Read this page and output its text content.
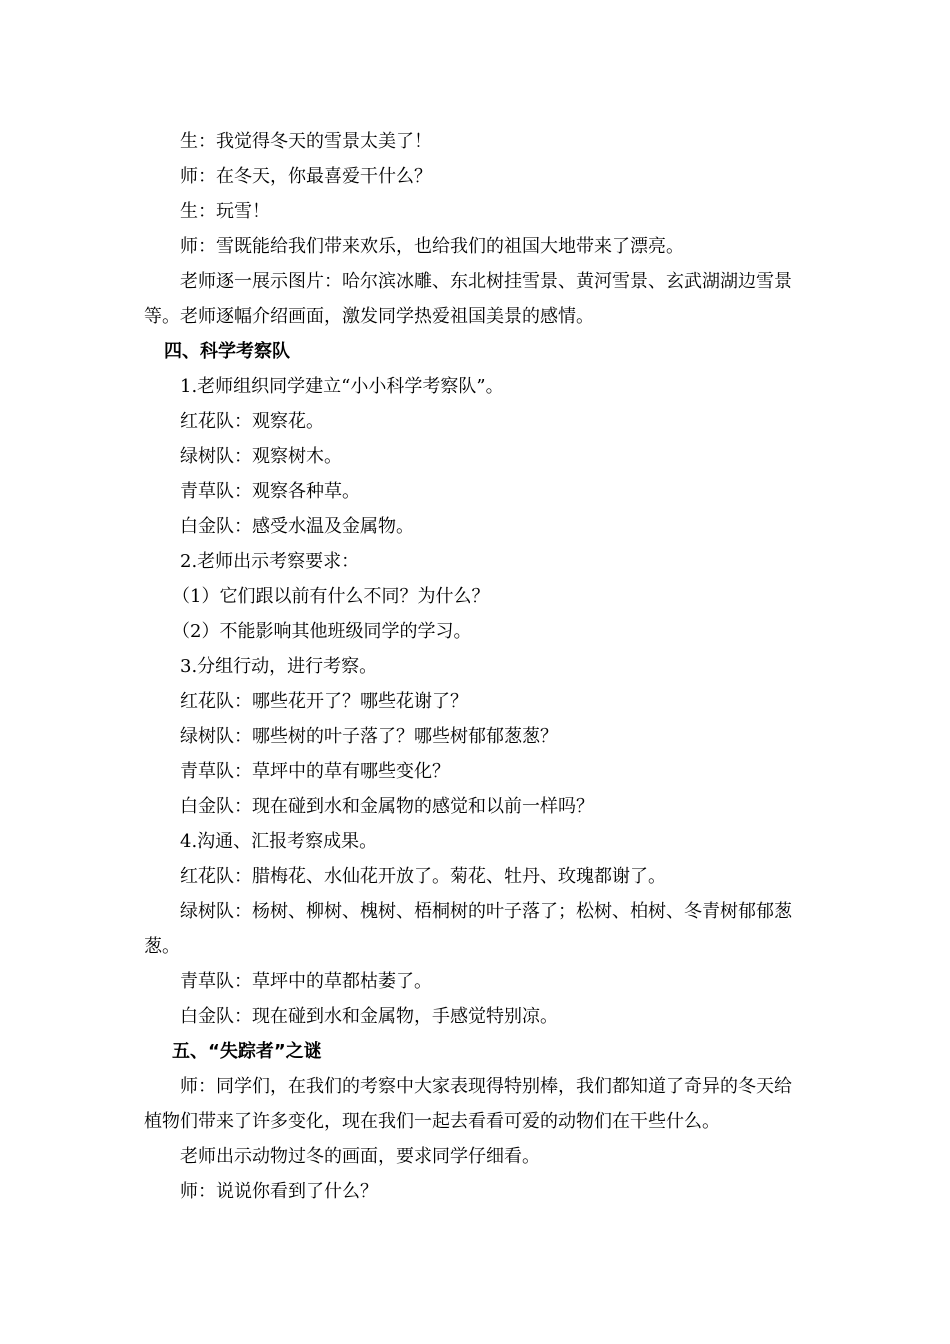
生：我觉得冬天的雪景太美了！

师：在冬天，你最喜爱干什么？

生：玩雪！

师：雪既能给我们带来欢乐，也给我们的祖国大地带来了漂亮。

老师逐一展示图片：哈尔滨冰雕、东北树挂雪景、黄河雪景、玄武湖湖边雪景等。老师逐幅介绍画面，激发同学热爱祖国美景的感情。

四、科学考察队

1.老师组织同学建立“小小科学考察队”。

红花队：观察花。

绿树队：观察树木。

青草队：观察各种草。

白金队：感受水温及金属物。

2.老师出示考察要求：

（1）它们跟以前有什么不同？为什么？

（2）不能影响其他班级同学的学习。

3.分组行动，进行考察。

红花队：哪些花开了？哪些花谢了？

绿树队：哪些树的叶子落了？哪些树郁郁葱葱？

青草队：草坪中的草有哪些变化？

白金队：现在碰到水和金属物的感觉和以前一样吗？

4.沟通、汇报考察成果。

红花队：腊梅花、水仙花开放了。菊花、牡丹、玫瑰都谢了。

绿树队：杨树、柳树、槐树、梧桐树的叶子落了；松树、柏树、冬青树郁郁葱葱。

青草队：草坪中的草都枯萎了。

白金队：现在碰到水和金属物，手感觉特别凉。

五、“失踪者”之谜

师：同学们，在我们的考察中大家表现得特别棒，我们都知道了奇异的冬天给植物们带来了许多变化，现在我们一起去看看可爱的动物们在干些什么。

老师出示动物过冬的画面，要求同学仔细看。

师：说说你看到了什么？
